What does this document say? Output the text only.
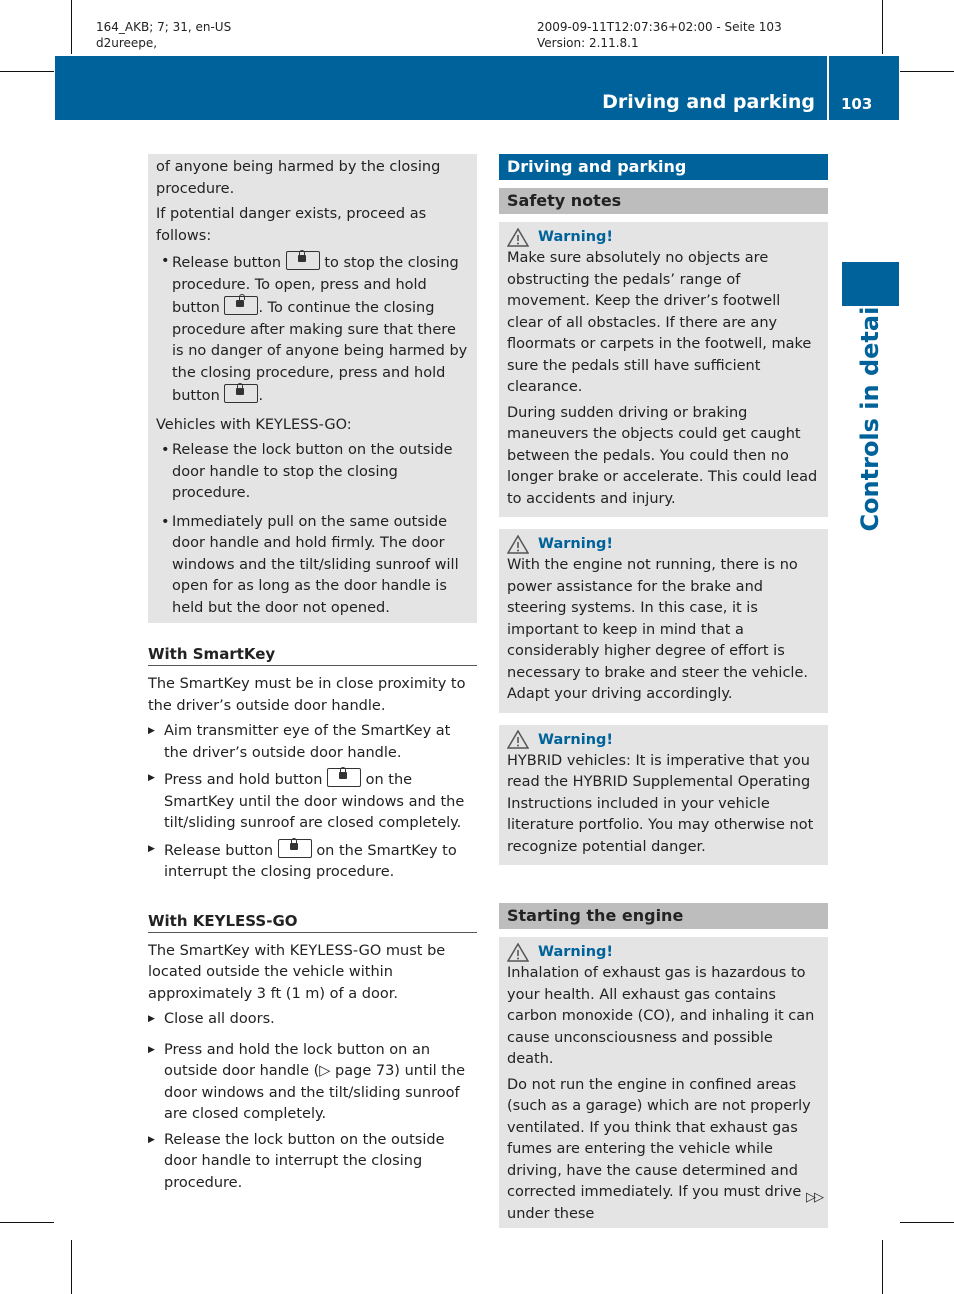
164_AKB; 7; 31, en-US
d2ureepe,
2009-09-11T12:07:36+02:00 - Seite 103
Version: 2.11.8.1
Driving and parking 103
Controls in detail

of anyone being harmed by the closing procedure.

If potential danger exists, proceed as follows:

• Release button	to stop the closing procedure. To open, press and hold button	. To continue the closing procedure after making sure that there is no danger of anyone being harmed by the closing procedure, press and hold button	.

Vehicles with KEYLESS-GO:

• Release the lock button on the outside door handle to stop the closing procedure.
• Immediately pull on the same outside door handle and hold firmly. The door windows and the tilt/sliding sunroof will open for as long as the door handle is held but the door not opened.
With SmartKey

The SmartKey must be in close proximity to the driver’s outside door handle.

▶ Aim transmitter eye of the SmartKey at the driver’s outside door handle.
▶ Press and hold button	on the SmartKey until the door windows and the tilt/sliding sunroof are closed completely.
▶ Release button	on the SmartKey to interrupt the closing procedure.
With KEYLESS-GO

The SmartKey with KEYLESS-GO must be located outside the vehicle within approximately 3 ft (1 m) of a door.

▶ Close all doors.
▶ Press and hold the lock button on an outside door handle (▷ page 73) until the door windows and the tilt/sliding sunroof are closed completely.
▶ Release the lock button on the outside door handle to interrupt the closing procedure.
Driving and parking
Safety notes
Warning!

Make sure absolutely no objects are obstructing the pedals’ range of movement. Keep the driver’s footwell clear of all obstacles. If there are any floormats or carpets in the footwell, make sure the pedals still have sufficient clearance.

During sudden driving or braking maneuvers the objects could get caught between the pedals. You could then no longer brake or accelerate. This could lead to accidents and injury.

Warning!

With the engine not running, there is no power assistance for the brake and steering systems. In this case, it is important to keep in mind that a considerably higher degree of effort is necessary to brake and steer the vehicle. Adapt your driving accordingly.

Warning!

HYBRID vehicles: It is imperative that you read the HYBRID Supplemental Operating Instructions included in your vehicle literature portfolio. You may otherwise not recognize potential danger.

Starting the engine
Warning!

Inhalation of exhaust gas is hazardous to your health. All exhaust gas contains carbon monoxide (CO), and inhaling it can cause unconsciousness and possible death.

Do not run the engine in confined areas (such as a garage) which are not properly ventilated. If you think that exhaust gas fumes are entering the vehicle while driving, have the cause determined and corrected immediately. If you must drive under these

▷▷
